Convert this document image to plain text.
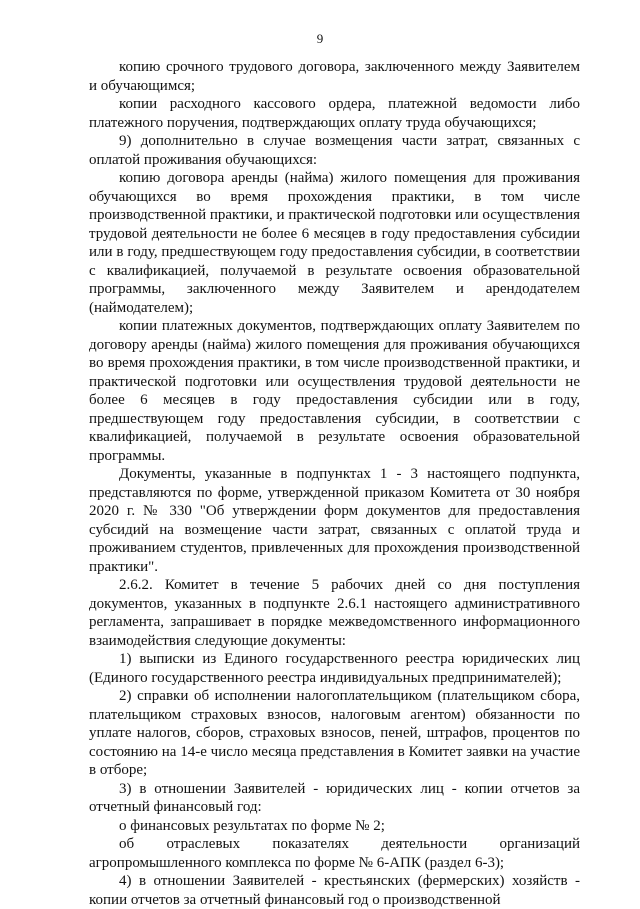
9

копию срочного трудового договора, заключенного между Заявителем и обучающимся;

копии расходного кассового ордера, платежной ведомости либо платежного поручения, подтверждающих оплату труда обучающихся;

9) дополнительно в случае возмещения части затрат, связанных с оплатой проживания обучающихся:

копию договора аренды (найма) жилого помещения для проживания обучающихся во время прохождения практики, в том числе производственной практики, и практической подготовки или осуществления трудовой деятельности не более 6 месяцев в году предоставления субсидии или в году, предшествующем году предоставления субсидии, в соответствии с квалификацией, получаемой в результате освоения образовательной программы, заключенного между Заявителем и арендодателем (наймодателем);

копии платежных документов, подтверждающих оплату Заявителем по договору аренды (найма) жилого помещения для проживания обучающихся во время прохождения практики, в том числе производственной практики, и практической подготовки или осуществления трудовой деятельности не более 6 месяцев в году предоставления субсидии или в году, предшествующем году предоставления субсидии, в соответствии с квалификацией, получаемой в результате освоения образовательной программы.

Документы, указанные в подпунктах 1 - 3 настоящего подпункта, представляются по форме, утвержденной приказом Комитета от 30 ноября 2020 г. № 330 "Об утверждении форм документов для предоставления субсидий на возмещение части затрат, связанных с оплатой труда и проживанием студентов, привлеченных для прохождения производственной практики".

2.6.2. Комитет в течение 5 рабочих дней со дня поступления документов, указанных в подпункте 2.6.1 настоящего административного регламента, запрашивает в порядке межведомственного информационного взаимодействия следующие документы:

1) выписки из Единого государственного реестра юридических лиц (Единого государственного реестра индивидуальных предпринимателей);

2) справки об исполнении налогоплательщиком (плательщиком сбора, плательщиком страховых взносов, налоговым агентом) обязанности по уплате налогов, сборов, страховых взносов, пеней, штрафов, процентов по состоянию на 14-е число месяца представления в Комитет заявки на участие в отборе;

3) в отношении Заявителей - юридических лиц - копии отчетов за отчетный финансовый год:

о финансовых результатах по форме № 2;

об отраслевых показателях деятельности организаций агропромышленного комплекса по форме № 6-АПК (раздел 6-3);

4) в отношении Заявителей - крестьянских (фермерских) хозяйств - копии отчетов за отчетный финансовый год о производственной
